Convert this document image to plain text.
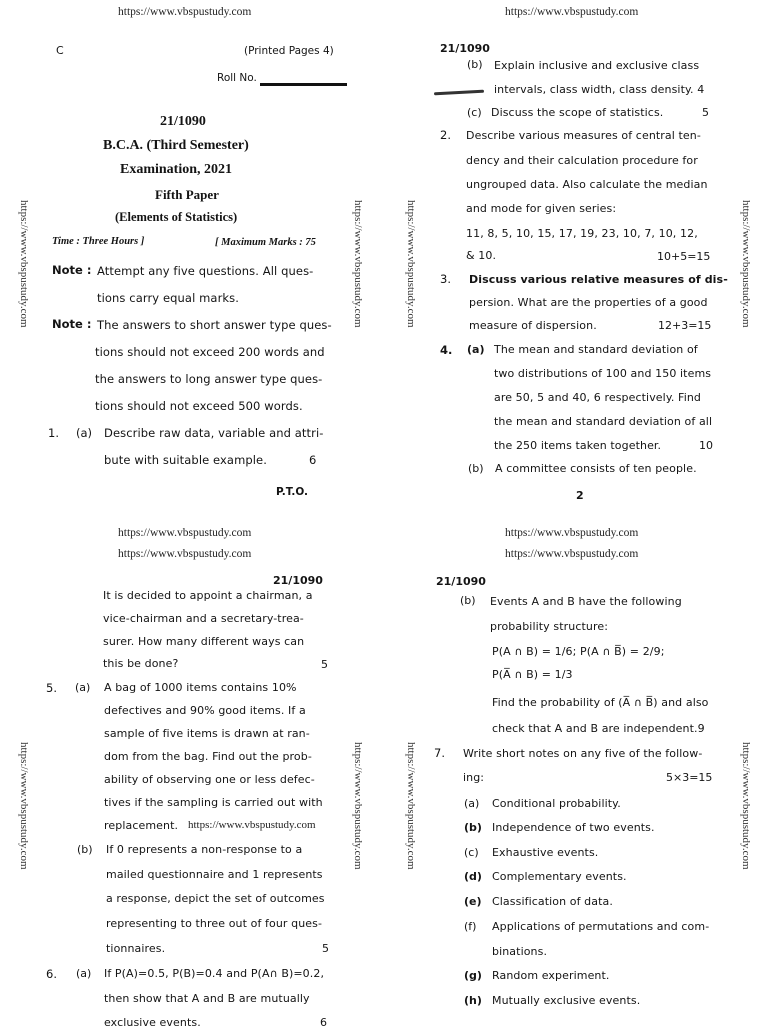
https://www.vbspustudy.com	https://www.vbspustudy.com
https://www.vbspustudy.com
https://www.vbspustudy.com
https://www.vbspustudy.com
https://www.vbspustudy.com
https://www.vbspustudy.com	https://www.vbspustudy.com	https://www.vbspustudy.com	https://www.vbspustudy.com
https://www.vbspustudy.com	https://www.vbspustudy.com	https://www.vbspustudy.com	https://www.vbspustudy.com
C	(Printed Pages 4)
Roll No.
21/1090
B.C.A. (Third Semester)
Examination, 2021
Fifth Paper
(Elements of Statistics)
Time : Three Hours ]	[ Maximum Marks : 75
Note : Attempt any five questions. All ques-
tions carry equal marks.
Note : The answers to short answer type ques-
tions should not exceed 200 words and
the answers to long answer type ques-
tions should not exceed 500 words.
1. (a) Describe raw data, variable and attri-
bute with suitable example.	6
P.T.O.
21/1090
(b) Explain inclusive and exclusive class
intervals, class width, class density. 4
(c) Discuss the scope of statistics.	5
2. Describe various measures of central ten-
dency and their calculation procedure for
ungrouped data. Also calculate the median
and mode for given series:
11, 8, 5, 10, 15, 17, 19, 23, 10, 7, 10, 12,
& 10.	10+5=15
3. Discuss various relative measures of dis-
persion. What are the properties of a good
measure of dispersion.	12+3=15
4. (a) The mean and standard deviation of
two distributions of 100 and 150 items
are 50, 5 and 40, 6 respectively. Find
the mean and standard deviation of all
the 250 items taken together.	10
(b) A committee consists of ten people.
2
21/1090
It is decided to appoint a chairman, a
vice-chairman and a secretary-trea-
surer. How many different ways can
this be done?	5
5. (a) A bag of 1000 items contains 10%
defectives and 90% good items. If a
sample of five items is drawn at ran-
dom from the bag. Find out the prob-
ability of observing one or less defec-
tives if the sampling is carried out with
replacement. https://www.vbspustudy.com
(b) If 0 represents a non-response to a
mailed questionnaire and 1 represents
a response, depict the set of outcomes
representing to three out of four ques-
tionnaires.	5
6. (a) If P(A)=0.5, P(B)=0.4 and P(A∩ B)=0.2,
then show that A and B are mutually
exclusive events.	6
21/1090
(b) Events A and B have the following
probability structure:
P(A ∩ B) = 1/6; P(A ∩ B̅) = 2/9;
P(A̅ ∩ B) = 1/3
Find the probability of (A̅ ∩ B̅) and also
check that A and B are independent.9
7. Write short notes on any five of the follow-
ing:	5×3=15
(a) Conditional probability.
(b) Independence of two events.
(c) Exhaustive events.
(d) Complementary events.
(e) Classification of data.
(f) Applications of permutations and com-
binations.
(g) Random experiment.
(h) Mutually exclusive events.
